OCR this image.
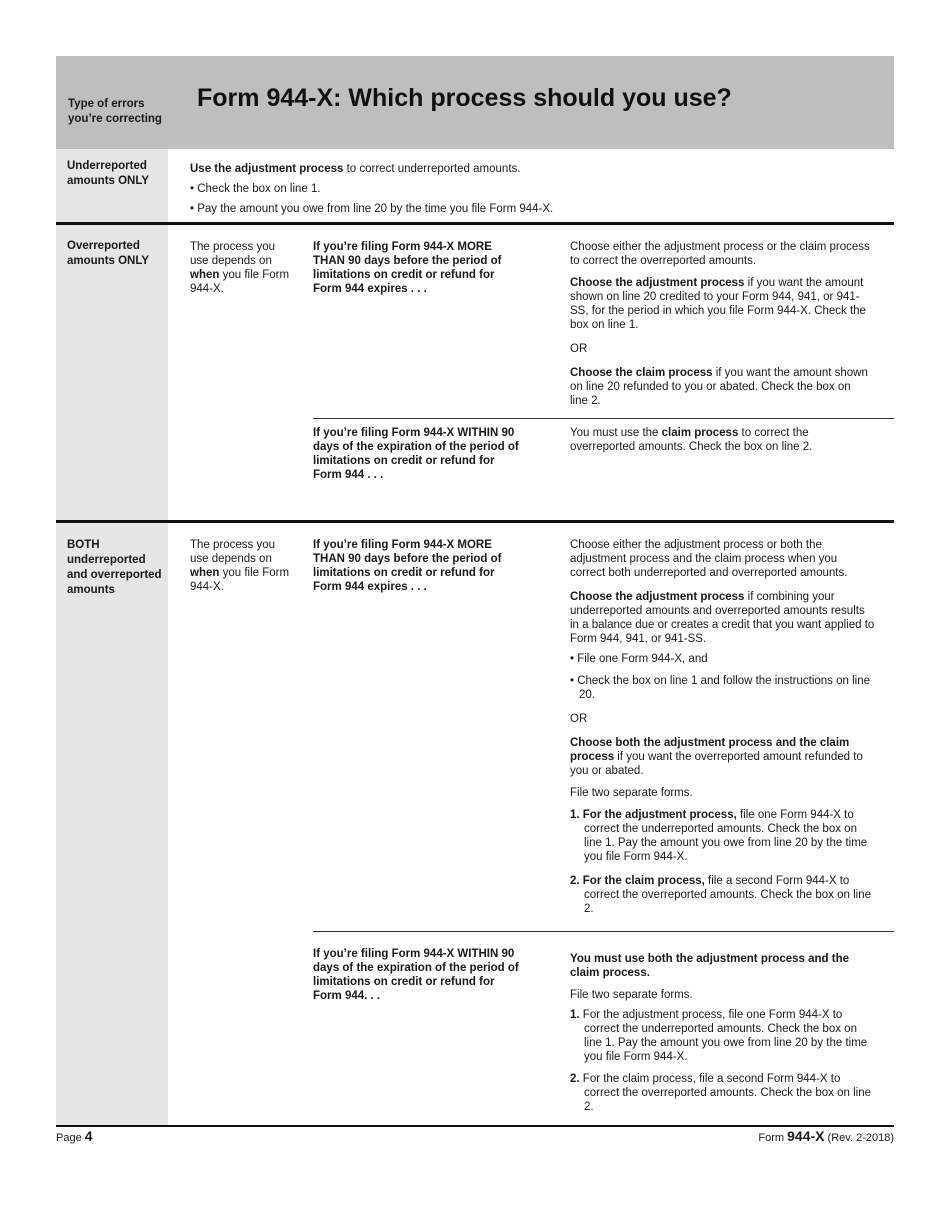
Type of errors you’re correcting
Form 944-X: Which process should you use?
Underreported amounts ONLY

Use the adjustment process to correct underreported amounts.

• Check the box on line 1.

• Pay the amount you owe from line 20 by the time you file Form 944-X.

Overreported amounts ONLY
The process you use depends on when you file Form 944-X.
If you’re filing Form 944-X MORE THAN 90 days before the period of limitations on credit or refund for Form 944 expires . . .

Choose either the adjustment process or the claim process to correct the overreported amounts.

Choose the adjustment process if you want the amount shown on line 20 credited to your Form 944, 941, or 941-SS, for the period in which you file Form 944-X. Check the box on line 1.

OR

Choose the claim process if you want the amount shown on line 20 refunded to you or abated. Check the box on line 2.

If you’re filing Form 944-X WITHIN 90 days of the expiration of the period of limitations on credit or refund for Form 944 . . .
You must use the claim process to correct the overreported amounts. Check the box on line 2.
BOTH underreported and overreported amounts
The process you use depends on when you file Form 944-X.
If you’re filing Form 944-X MORE THAN 90 days before the period of limitations on credit or refund for Form 944 expires . . .

Choose either the adjustment process or both the adjustment process and the claim process when you correct both underreported and overreported amounts.

Choose the adjustment process if combining your underreported amounts and overreported amounts results in a balance due or creates a credit that you want applied to Form 944, 941, or 941-SS.

• File one Form 944-X, and

• Check the box on line 1 and follow the instructions on line 20.

OR

Choose both the adjustment process and the claim process if you want the overreported amount refunded to you or abated.

File two separate forms.

1. For the adjustment process, file one Form 944-X to correct the underreported amounts. Check the box on line 1. Pay the amount you owe from line 20 by the time you file Form 944-X.

2. For the claim process, file a second Form 944-X to correct the overreported amounts. Check the box on line 2.

If you’re filing Form 944-X WITHIN 90 days of the expiration of the period of limitations on credit or refund for Form 944. . .

You must use both the adjustment process and the claim process.

File two separate forms.

1. For the adjustment process, file one Form 944-X to correct the underreported amounts. Check the box on line 1. Pay the amount you owe from line 20 by the time you file Form 944-X.

2. For the claim process, file a second Form 944-X to correct the overreported amounts. Check the box on line 2.

Page 4	Form 944-X (Rev. 2-2018)
